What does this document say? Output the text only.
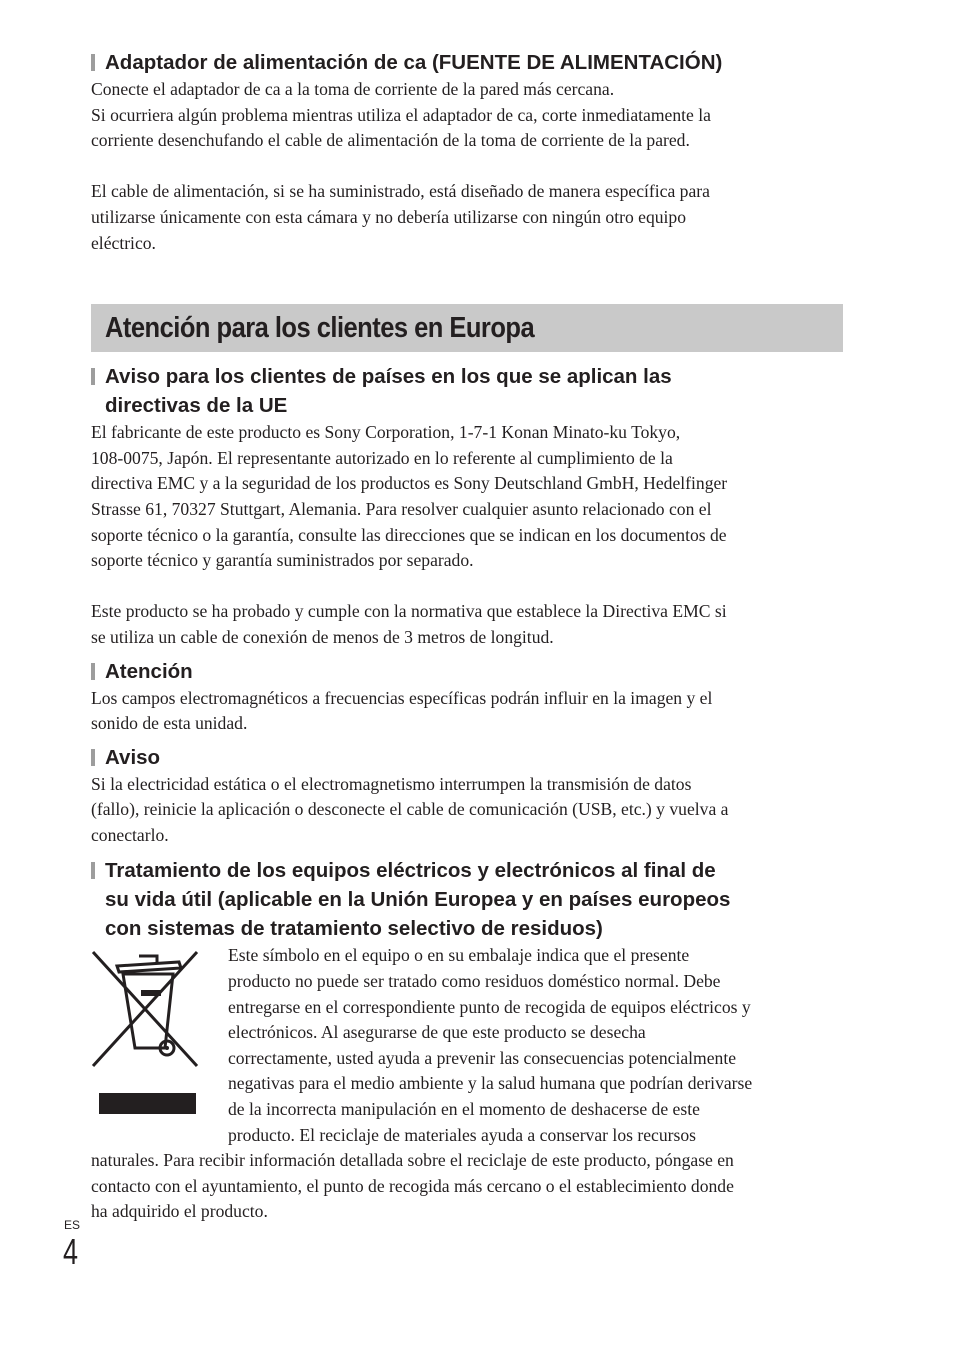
Adaptador de alimentación de ca (FUENTE DE ALIMENTACIÓN)

Conecte el adaptador de ca a la toma de corriente de la pared más cercana.

Si ocurriera algún problema mientras utiliza el adaptador de ca, corte inmediatamente la

corriente desenchufando el cable de alimentación de la toma de corriente de la pared.

El cable de alimentación, si se ha suministrado, está diseñado de manera específica para

utilizarse únicamente con esta cámara y no debería utilizarse con ningún otro equipo

eléctrico.

Atención para los clientes en Europa
Aviso para los clientes de países en los que se aplican las
directivas de la UE

El fabricante de este producto es Sony Corporation, 1-7-1 Konan Minato-ku Tokyo,

108-0075, Japón. El representante autorizado en lo referente al cumplimiento de la

directiva EMC y a la seguridad de los productos es Sony Deutschland GmbH, Hedelfinger

Strasse 61, 70327 Stuttgart, Alemania. Para resolver cualquier asunto relacionado con el

soporte técnico o la garantía, consulte las direcciones que se indican en los documentos de

soporte técnico y garantía suministrados por separado.

Este producto se ha probado y cumple con la normativa que establece la Directiva EMC si

se utiliza un cable de conexión de menos de 3 metros de longitud.

Atención

Los campos electromagnéticos a frecuencias específicas podrán influir en la imagen y el

sonido de esta unidad.

Aviso

Si la electricidad estática o el electromagnetismo interrumpen la transmisión de datos

(fallo), reinicie la aplicación o desconecte el cable de comunicación (USB, etc.) y vuelva a

conectarlo.

Tratamiento de los equipos eléctricos y electrónicos al final de
su vida útil (aplicable en la Unión Europea y en países europeos
con sistemas de tratamiento selectivo de residuos)

Este símbolo en el equipo o en su embalaje indica que el presente

producto no puede ser tratado como residuos doméstico normal. Debe

entregarse en el correspondiente punto de recogida de equipos eléctricos y

electrónicos. Al asegurarse de que este producto se desecha

correctamente, usted ayuda a prevenir las consecuencias potencialmente

negativas para el medio ambiente y la salud humana que podrían derivarse

de la incorrecta manipulación en el momento de deshacerse de este

producto. El reciclaje de materiales ayuda a conservar los recursos

naturales. Para recibir información detallada sobre el reciclaje de este producto, póngase en

contacto con el ayuntamiento, el punto de recogida más cercano o el establecimiento donde

ha adquirido el producto.

ES
4
